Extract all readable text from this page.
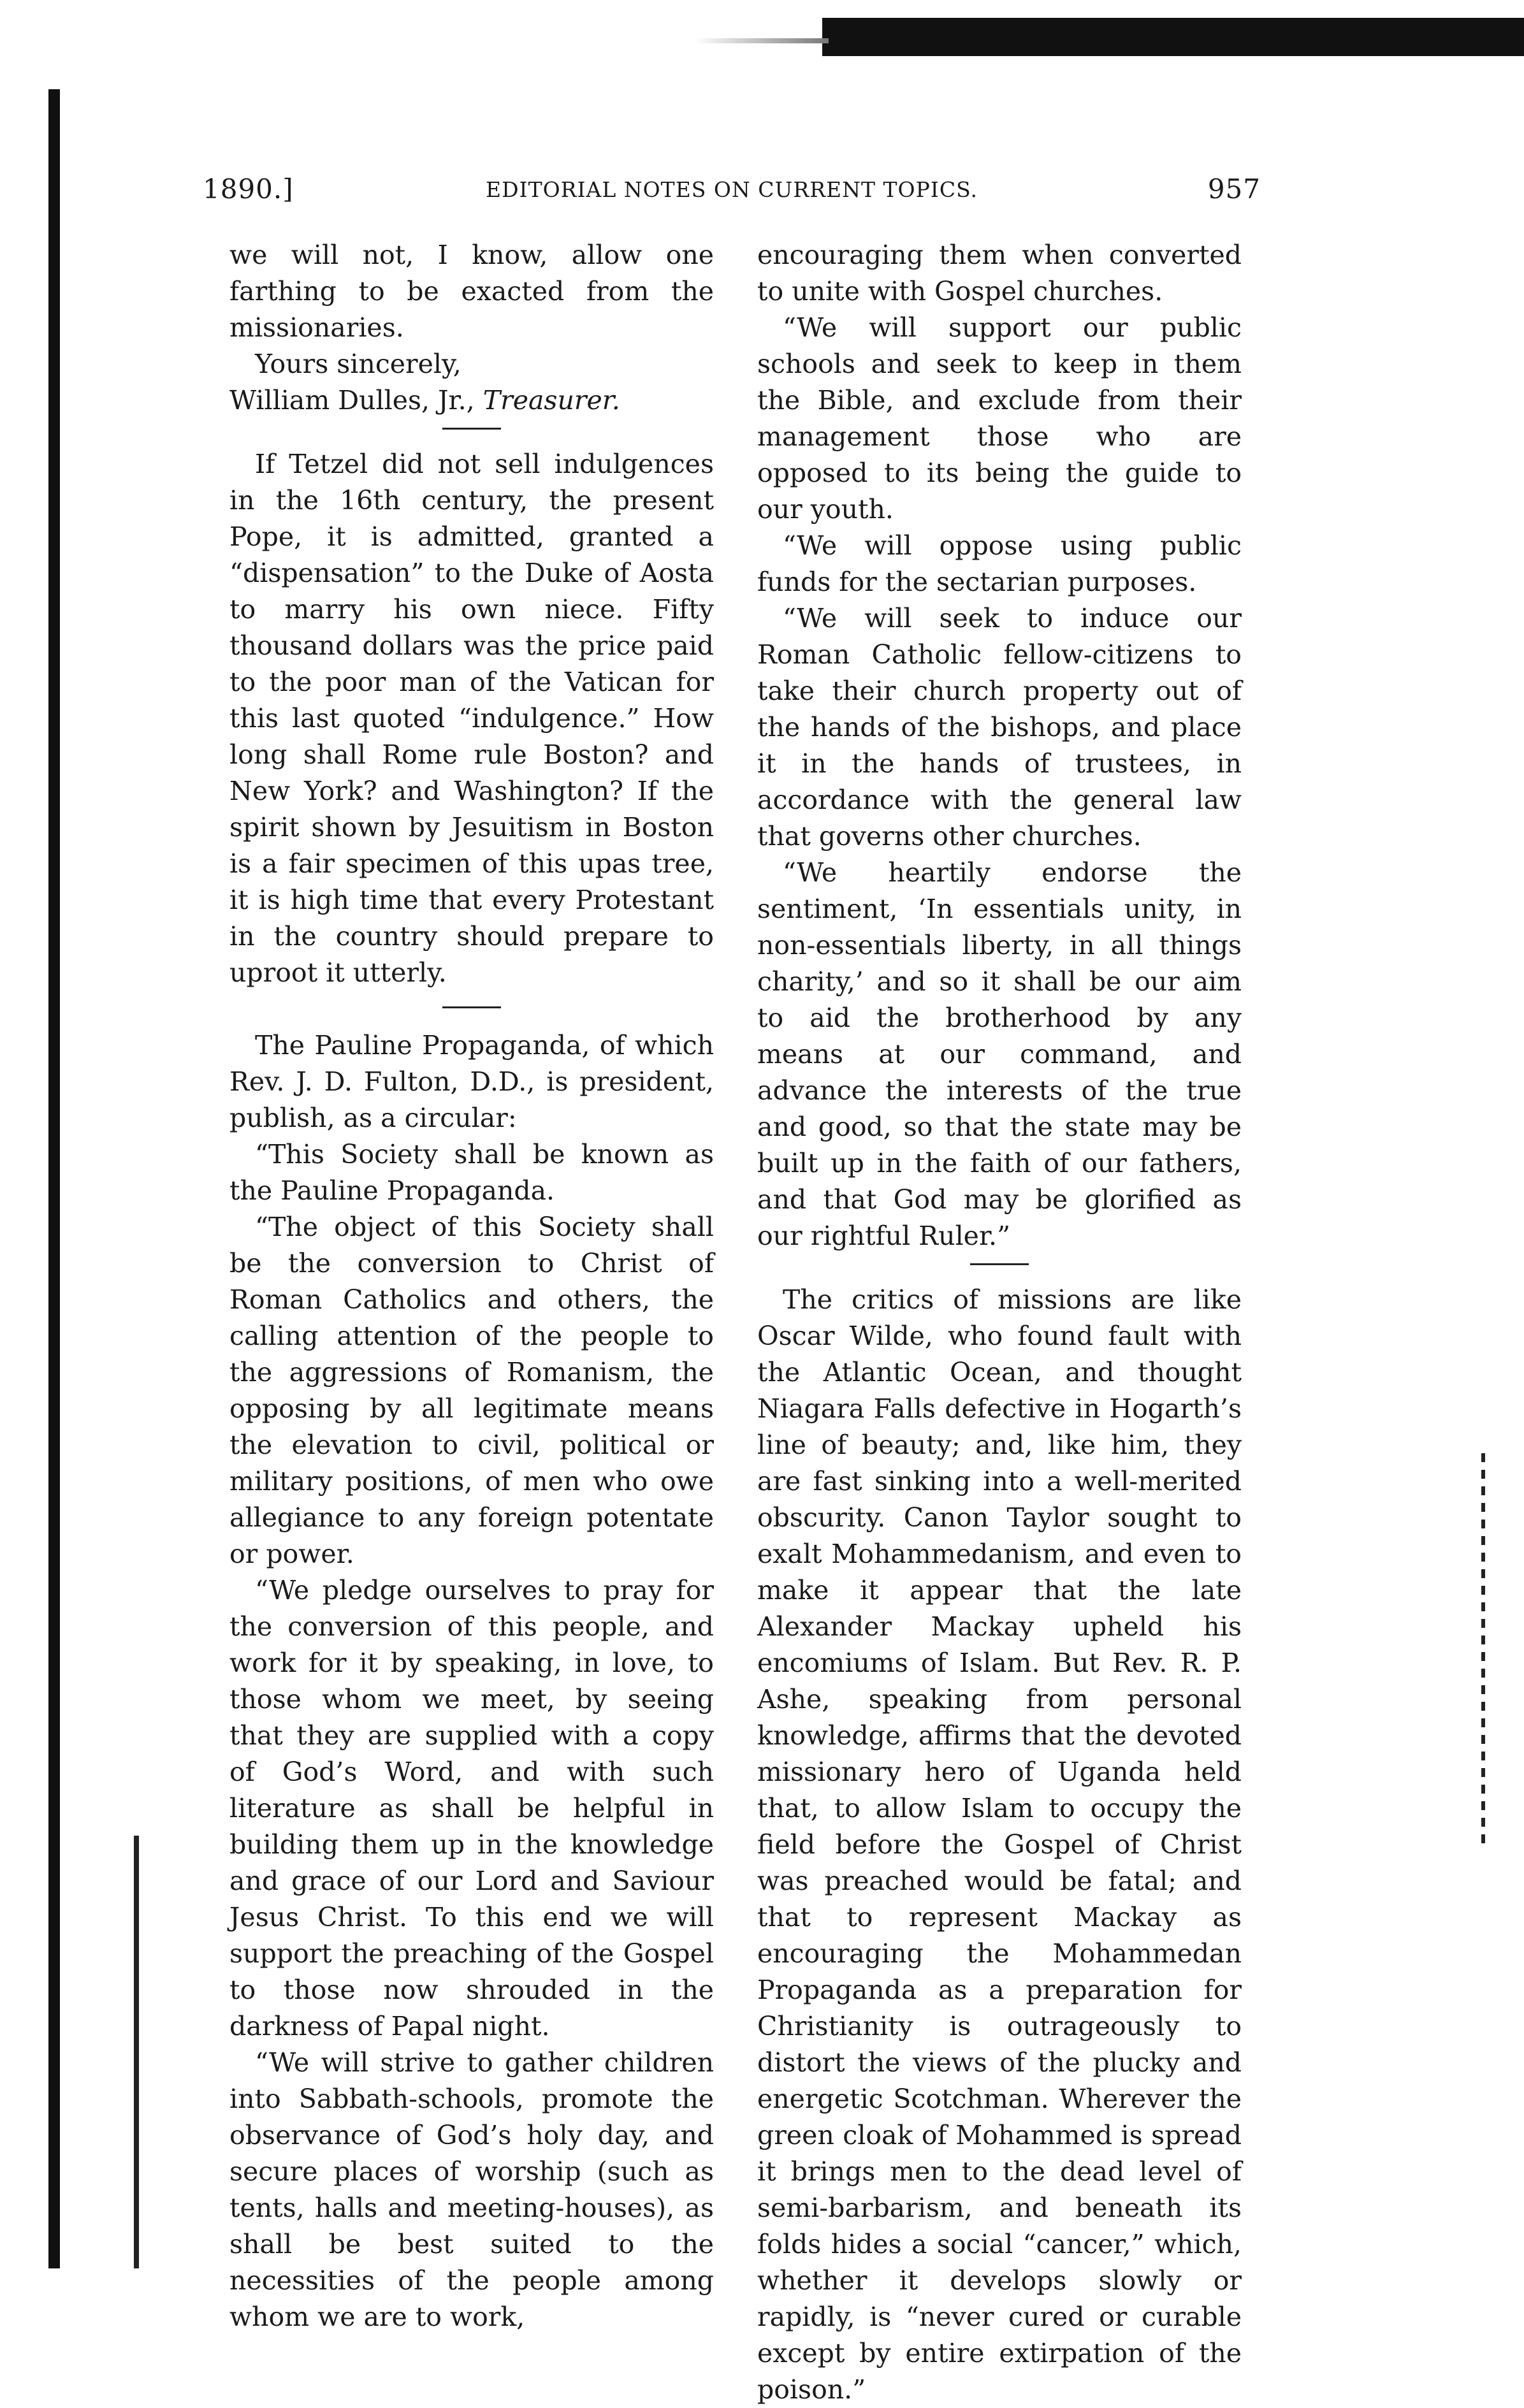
1890.]	EDITORIAL NOTES ON CURRENT TOPICS.	957

we will not, I know, allow one farthing to be exacted from the missionaries.

Yours sincerely,

William Dulles, Jr., Treasurer.

If Tetzel did not sell indulgences in the 16th century, the present Pope, it is admitted, granted a “dispensation” to the Duke of Aosta to marry his own niece. Fifty thousand dollars was the price paid to the poor man of the Vatican for this last quoted “indulgence.” How long shall Rome rule Boston? and New York? and Washington? If the spirit shown by Jesuitism in Boston is a fair specimen of this upas tree, it is high time that every Protestant in the country should prepare to uproot it utterly.

The Pauline Propaganda, of which Rev. J. D. Fulton, D.D., is president, publish, as a circular:

“This Society shall be known as the Pauline Propaganda.

“The object of this Society shall be the conversion to Christ of Roman Catholics and others, the calling attention of the people to the aggressions of Romanism, the opposing by all legitimate means the elevation to civil, political or military positions, of men who owe allegiance to any foreign potentate or power.

“We pledge ourselves to pray for the conversion of this people, and work for it by speaking, in love, to those whom we meet, by seeing that they are supplied with a copy of God’s Word, and with such literature as shall be helpful in building them up in the knowledge and grace of our Lord and Saviour Jesus Christ. To this end we will support the preaching of the Gospel to those now shrouded in the darkness of Papal night.

“We will strive to gather children into Sabbath-schools, promote the observance of God’s holy day, and secure places of worship (such as tents, halls and meeting-houses), as shall be best suited to the necessities of the people among whom we are to work,

encouraging them when converted to unite with Gospel churches.

“We will support our public schools and seek to keep in them the Bible, and exclude from their management those who are opposed to its being the guide to our youth.

“We will oppose using public funds for the sectarian purposes.

“We will seek to induce our Roman Catholic fellow-citizens to take their church property out of the hands of the bishops, and place it in the hands of trustees, in accordance with the general law that governs other churches.

“We heartily endorse the sentiment, ‘In essentials unity, in non-essentials liberty, in all things charity,’ and so it shall be our aim to aid the brotherhood by any means at our command, and advance the interests of the true and good, so that the state may be built up in the faith of our fathers, and that God may be glorified as our rightful Ruler.”

The critics of missions are like Oscar Wilde, who found fault with the Atlantic Ocean, and thought Niagara Falls defective in Hogarth’s line of beauty; and, like him, they are fast sinking into a well-merited obscurity. Canon Taylor sought to exalt Mohammedanism, and even to make it appear that the late Alexander Mackay upheld his encomiums of Islam. But Rev. R. P. Ashe, speaking from personal knowledge, affirms that the devoted missionary hero of Uganda held that, to allow Islam to occupy the field before the Gospel of Christ was preached would be fatal; and that to represent Mackay as encouraging the Mohammedan Propaganda as a preparation for Christianity is outrageously to distort the views of the plucky and energetic Scotchman. Wherever the green cloak of Mohammed is spread it brings men to the dead level of semi-barbarism, and beneath its folds hides a social “cancer,” which, whether it develops slowly or rapidly, is “never cured or curable except by entire extirpation of the poison.”
